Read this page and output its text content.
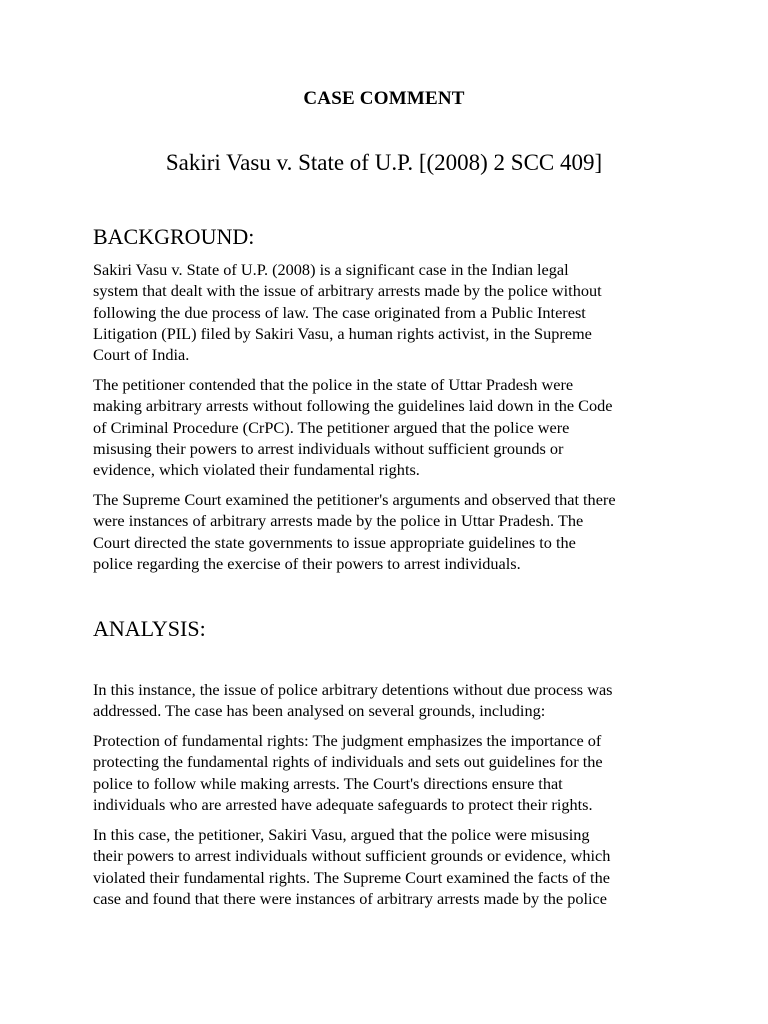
CASE COMMENT
Sakiri Vasu v. State of U.P. [(2008) 2 SCC 409]
BACKGROUND:

Sakiri Vasu v. State of U.P. (2008) is a significant case in the Indian legal
system that dealt with the issue of arbitrary arrests made by the police without
following the due process of law. The case originated from a Public Interest
Litigation (PIL) filed by Sakiri Vasu, a human rights activist, in the Supreme
Court of India.

The petitioner contended that the police in the state of Uttar Pradesh were
making arbitrary arrests without following the guidelines laid down in the Code
of Criminal Procedure (CrPC). The petitioner argued that the police were
misusing their powers to arrest individuals without sufficient grounds or
evidence, which violated their fundamental rights.

The Supreme Court examined the petitioner's arguments and observed that there
were instances of arbitrary arrests made by the police in Uttar Pradesh. The
Court directed the state governments to issue appropriate guidelines to the
police regarding the exercise of their powers to arrest individuals.

ANALYSIS:

In this instance, the issue of police arbitrary detentions without due process was
addressed. The case has been analysed on several grounds, including:

Protection of fundamental rights: The judgment emphasizes the importance of
protecting the fundamental rights of individuals and sets out guidelines for the
police to follow while making arrests. The Court's directions ensure that
individuals who are arrested have adequate safeguards to protect their rights.

In this case, the petitioner, Sakiri Vasu, argued that the police were misusing
their powers to arrest individuals without sufficient grounds or evidence, which
violated their fundamental rights. The Supreme Court examined the facts of the
case and found that there were instances of arbitrary arrests made by the police
